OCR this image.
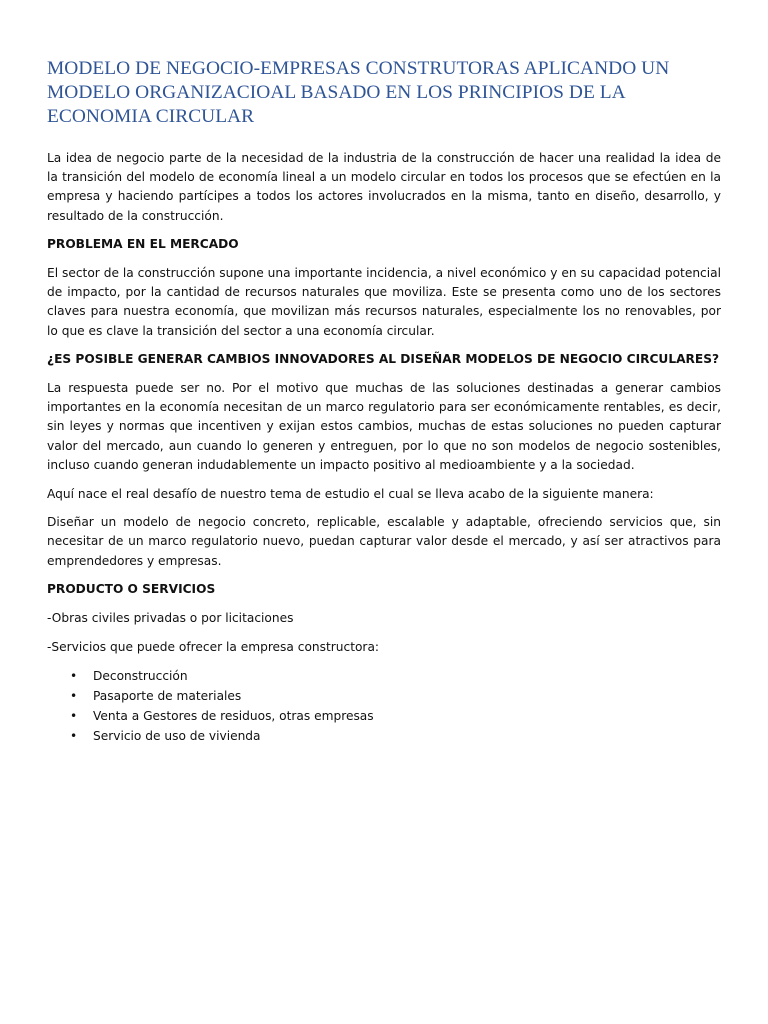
MODELO DE NEGOCIO-EMPRESAS CONSTRUTORAS APLICANDO UN MODELO ORGANIZACIOAL BASADO EN LOS PRINCIPIOS DE LA ECONOMIA CIRCULAR

La idea de negocio parte de la necesidad de la industria de la construcción de hacer una realidad la idea de la transición del modelo de economía lineal a un modelo circular en todos los procesos que se efectúen en la empresa y haciendo partícipes a todos los actores involucrados en la misma, tanto en diseño, desarrollo, y resultado de la construcción.

PROBLEMA EN EL MERCADO

El sector de la construcción supone una importante incidencia, a nivel económico y en su capacidad potencial de impacto, por la cantidad de recursos naturales que moviliza. Este se presenta como uno de los sectores claves para nuestra economía, que movilizan más recursos naturales, especialmente los no renovables, por lo que es clave la transición del sector a una economía circular.

¿ES POSIBLE GENERAR CAMBIOS INNOVADORES AL DISEÑAR MODELOS DE NEGOCIO CIRCULARES?

La respuesta puede ser no. Por el motivo que muchas de las soluciones destinadas a generar cambios importantes en la economía necesitan de un marco regulatorio para ser económicamente rentables, es decir, sin leyes y normas que incentiven y exijan estos cambios, muchas de estas soluciones no pueden capturar valor del mercado, aun cuando lo generen y entreguen, por lo que no son modelos de negocio sostenibles, incluso cuando generan indudablemente un impacto positivo al medioambiente y a la sociedad.

Aquí nace el real desafío de nuestro tema de estudio el cual se lleva acabo de la siguiente manera:

Diseñar un modelo de negocio concreto, replicable, escalable y adaptable, ofreciendo servicios que, sin necesitar de un marco regulatorio nuevo, puedan capturar valor desde el mercado, y así ser atractivos para emprendedores y empresas.

PRODUCTO O SERVICIOS

-Obras civiles privadas o por licitaciones

-Servicios que puede ofrecer la empresa constructora:

• Deconstrucción
• Pasaporte de materiales
• Venta a Gestores de residuos, otras empresas
• Servicio de uso de vivienda
